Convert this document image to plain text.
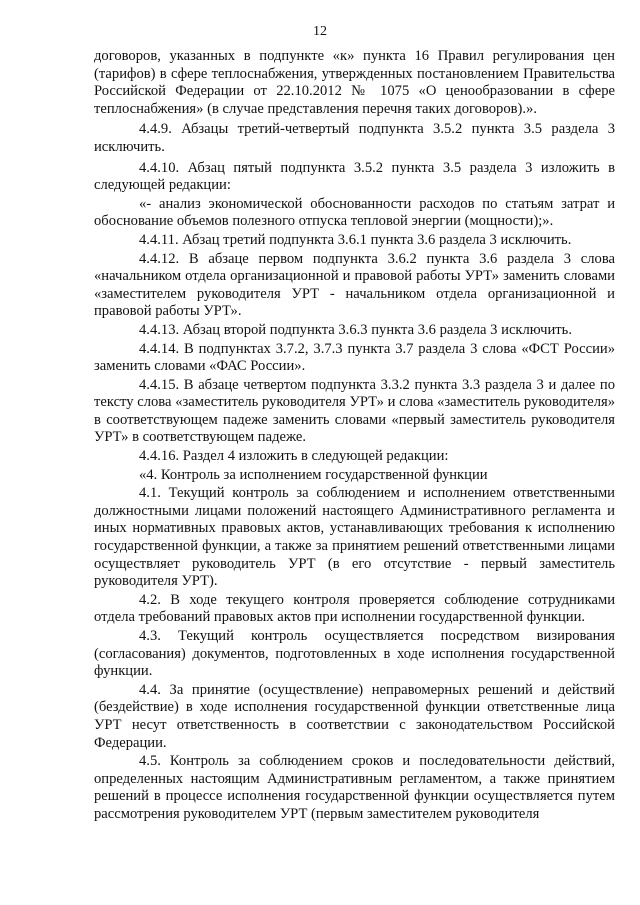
12

договоров, указанных в подпункте «к» пункта 16 Правил регулирования цен (тарифов) в сфере теплоснабжения, утвержденных постановлением Правительства Российской Федерации от 22.10.2012 № 1075 «О ценообразовании в сфере теплоснабжения» (в случае представления перечня таких договоров).».

4.4.9. Абзацы третий-четвертый подпункта 3.5.2 пункта 3.5 раздела 3 исключить.

4.4.10. Абзац пятый подпункта 3.5.2 пункта 3.5 раздела 3 изложить в следующей редакции:

«- анализ экономической обоснованности расходов по статьям затрат и обоснование объемов полезного отпуска тепловой энергии (мощности);».

4.4.11. Абзац третий подпункта 3.6.1 пункта 3.6 раздела 3 исключить.

4.4.12. В абзаце первом подпункта 3.6.2 пункта 3.6 раздела 3 слова «начальником отдела организационной и правовой работы УРТ» заменить словами «заместителем руководителя УРТ - начальником отдела организационной и правовой работы УРТ».

4.4.13. Абзац второй подпункта 3.6.3 пункта 3.6 раздела 3 исключить.

4.4.14. В подпунктах 3.7.2, 3.7.3 пункта 3.7 раздела 3 слова «ФСТ России» заменить словами «ФАС России».

4.4.15. В абзаце четвертом подпункта 3.3.2 пункта 3.3 раздела 3 и далее по тексту слова «заместитель руководителя УРТ» и слова «заместитель руководителя» в соответствующем падеже заменить словами «первый заместитель руководителя УРТ» в соответствующем падеже.

4.4.16. Раздел 4 изложить в следующей редакции:

«4. Контроль за исполнением государственной функции

4.1. Текущий контроль за соблюдением и исполнением ответственными должностными лицами положений настоящего Административного регламента и иных нормативных правовых актов, устанавливающих требования к исполнению государственной функции, а также за принятием решений ответственными лицами осуществляет руководитель УРТ (в его отсутствие - первый заместитель руководителя УРТ).

4.2. В ходе текущего контроля проверяется соблюдение сотрудниками отдела требований правовых актов при исполнении государственной функции.

4.3. Текущий контроль осуществляется посредством визирования (согласования) документов, подготовленных в ходе исполнения государственной функции.

4.4. За принятие (осуществление) неправомерных решений и действий (бездействие) в ходе исполнения государственной функции ответственные лица УРТ несут ответственность в соответствии с законодательством Российской Федерации.

4.5. Контроль за соблюдением сроков и последовательности действий, определенных настоящим Административным регламентом, а также принятием решений в процессе исполнения государственной функции осуществляется путем рассмотрения руководителем УРТ (первым заместителем руководителя
